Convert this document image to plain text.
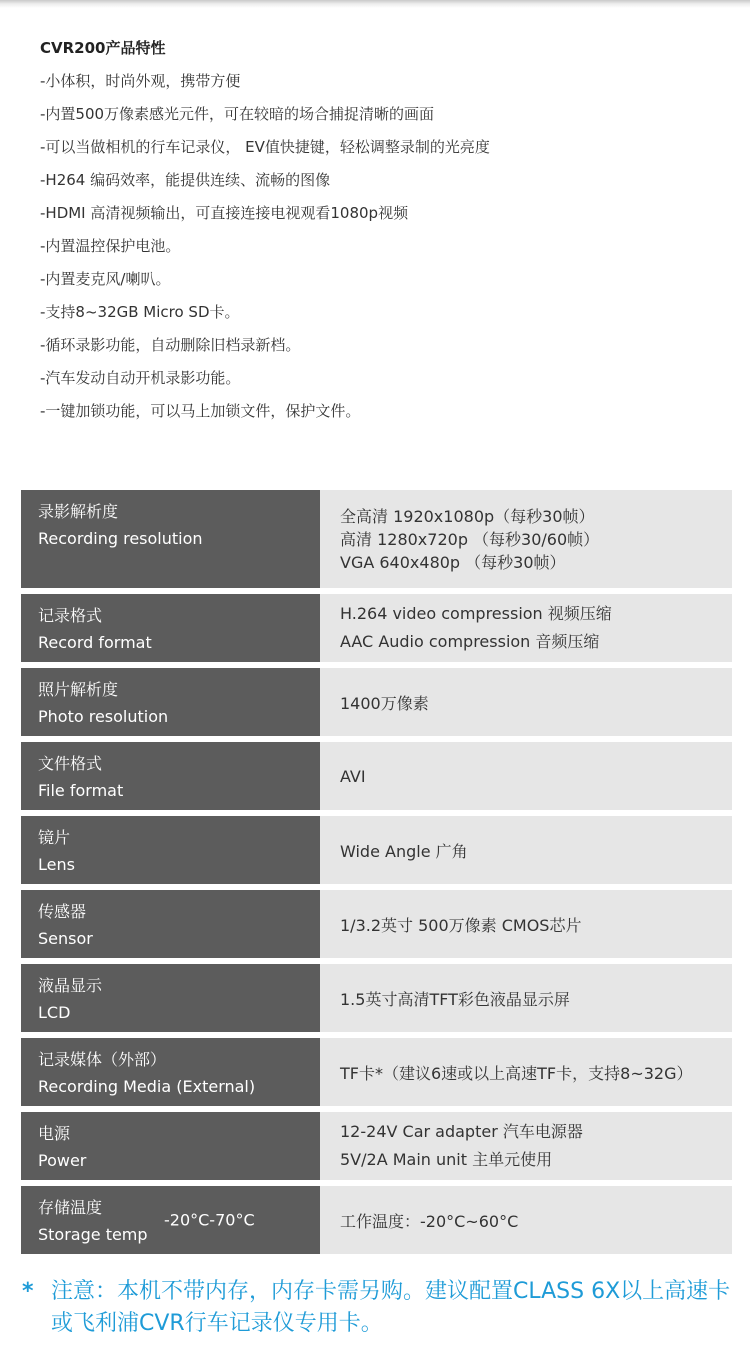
CVR200产品特性
-小体积，时尚外观，携带方便
-内置500万像素感光元件，可在较暗的场合捕捉清晰的画面
-可以当做相机的行车记录仪， EV值快捷键，轻松调整录制的光亮度
-H264 编码效率，能提供连续、流畅的图像
-HDMI 高清视频输出，可直接连接电视观看1080p视频
-内置温控保护电池。
-内置麦克风/喇叭。
-支持8~32GB Micro SD卡。
-循环录影功能，自动删除旧档录新档。
-汽车发动自动开机录影功能。
-一键加锁功能，可以马上加锁文件，保护文件。
录影解析度
Recording resolution
全高清 1920x1080p（每秒30帧）
高清 1280x720p （每秒30/60帧）
VGA 640x480p （每秒30帧）
记录格式
Record format
H.264 video compression 视频压缩
AAC Audio compression 音频压缩
照片解析度
Photo resolution
1400万像素
文件格式
File format
AVI
镜片
Lens
Wide Angle 广角
传感器
Sensor
1/3.2英寸 500万像素 CMOS芯片
液晶显示
LCD
1.5英寸高清TFT彩色液晶显示屏
记录媒体（外部）
Recording Media (External)
TF卡*（建议6速或以上高速TF卡，支持8~32G）
电源
Power
12-24V Car adapter 汽车电源器
5V/2A Main unit 主单元使用
存储温度
Storage temp
-20°C-70°C	工作温度：-20°C~60°C
* 注意：本机不带内存，内存卡需另购。建议配置CLASS 6X以上高速卡或飞利浦CVR行车记录仪专用卡。
